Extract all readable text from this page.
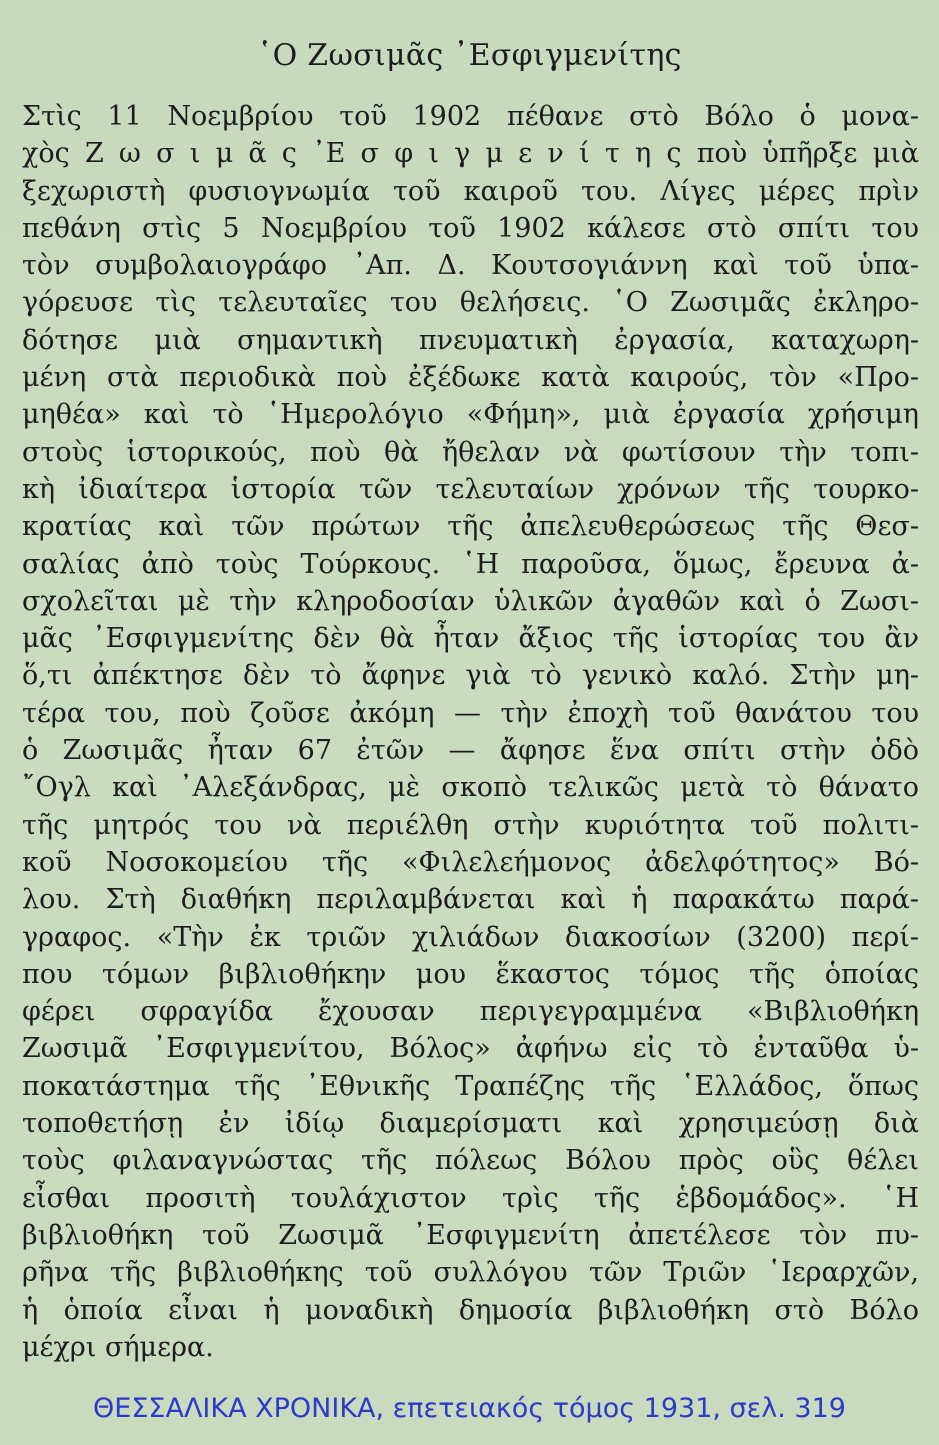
῾Ο Ζωσιμᾶς ᾿Εσφιγμενίτης
Στὶς 11 Νοεμβρίου τοῦ 1902 πέθανε στὸ Βόλο ὁ μονα-
χὸς Ζ ω σ ι μ ᾶ ς ᾿Ε σ φ ι γ μ ε ν ί τ η ς ποὺ ὑπῆρξε μιὰ
ξεχωριστὴ φυσιογνωμία τοῦ καιροῦ του. Λίγες μέρες πρὶν
πεθάνη στὶς 5 Νοεμβρίου τοῦ 1902 κάλεσε στὸ σπίτι του
τὸν συμβολαιογράφο ᾿Απ. Δ. Κουτσογιάννη καὶ τοῦ ὑπα-
γόρευσε τὶς τελευταῖες του θελήσεις. ῾Ο Ζωσιμᾶς ἐκληρο-
δότησε μιὰ σημαντικὴ πνευματικὴ ἐργασία, καταχωρη-
μένη στὰ περιοδικὰ ποὺ ἐξέδωκε κατὰ καιρούς, τὸν «Προ-
μηθέα» καὶ τὸ ῾Ημερολόγιο «Φήμη», μιὰ ἐργασία χρήσιμη
στοὺς ἱστορικούς, ποὺ θὰ ἤθελαν νὰ φωτίσουν τὴν τοπι-
κὴ ἰδιαίτερα ἱστορία τῶν τελευταίων χρόνων τῆς τουρκο-
κρατίας καὶ τῶν πρώτων τῆς ἀπελευθερώσεως τῆς Θεσ-
σαλίας ἀπὸ τοὺς Τούρκους. ῾Η παροῦσα, ὅμως, ἔρευνα ἀ-
σχολεῖται μὲ τὴν κληροδοσίαν ὑλικῶν ἀγαθῶν καὶ ὁ Ζωσι-
μᾶς ᾿Εσφιγμενίτης δὲν θὰ ἦταν ἄξιος τῆς ἱστορίας του ἂν
ὅ,τι ἀπέκτησε δὲν τὸ ἄφηνε γιὰ τὸ γενικὸ καλό. Στὴν μη-
τέρα του, ποὺ ζοῦσε ἀκόμη — τὴν ἐποχὴ τοῦ θανάτου του
ὁ Ζωσιμᾶς ἦταν 67 ἐτῶν — ἄφησε ἕνα σπίτι στὴν ὁδὸ
῎Ογλ καὶ ᾿Αλεξάνδρας, μὲ σκοπὸ τελικῶς μετὰ τὸ θάνατο
τῆς μητρός του νὰ περιέλθη στὴν κυριότητα τοῦ πολιτι-
κοῦ Νοσοκομείου τῆς «Φιλελεήμονος ἀδελφότητος» Βό-
λου. Στὴ διαθήκη περιλαμβάνεται καὶ ἡ παρακάτω παρά-
γραφος. «Τὴν ἐκ τριῶν χιλιάδων διακοσίων (3200) περί-
που τόμων βιβλιοθήκην μου ἕκαστος τόμος τῆς ὁποίας
φέρει σφραγίδα ἔχουσαν περιγεγραμμένα «Βιβλιοθήκη
Ζωσιμᾶ ᾿Εσφιγμενίτου, Βόλος» ἀφήνω εἰς τὸ ἐνταῦθα ὑ-
ποκατάστημα τῆς ᾿Εθνικῆς Τραπέζης τῆς ῾Ελλάδος, ὅπως
τοποθετήσῃ ἐν ἰδίῳ διαμερίσματι καὶ χρησιμεύσῃ διὰ
τοὺς φιλαναγνώστας τῆς πόλεως Βόλου πρὸς οὓς θέλει
εἶσθαι προσιτὴ τουλάχιστον τρὶς τῆς ἑβδομάδος». ῾Η
βιβλιοθήκη τοῦ Ζωσιμᾶ ᾿Εσφιγμενίτη ἀπετέλεσε τὸν πυ-
ρῆνα τῆς βιβλιοθήκης τοῦ συλλόγου τῶν Τριῶν ῾Ιεραρχῶν,
ἡ ὁποία εἶναι ἡ μοναδικὴ δημοσία βιβλιοθήκη στὸ Βόλο
μέχρι σήμερα.
ΘΕΣΣΑΛΙΚΑ ΧΡΟΝΙΚΑ, επετειακός τόμος 1931, σελ. 319
